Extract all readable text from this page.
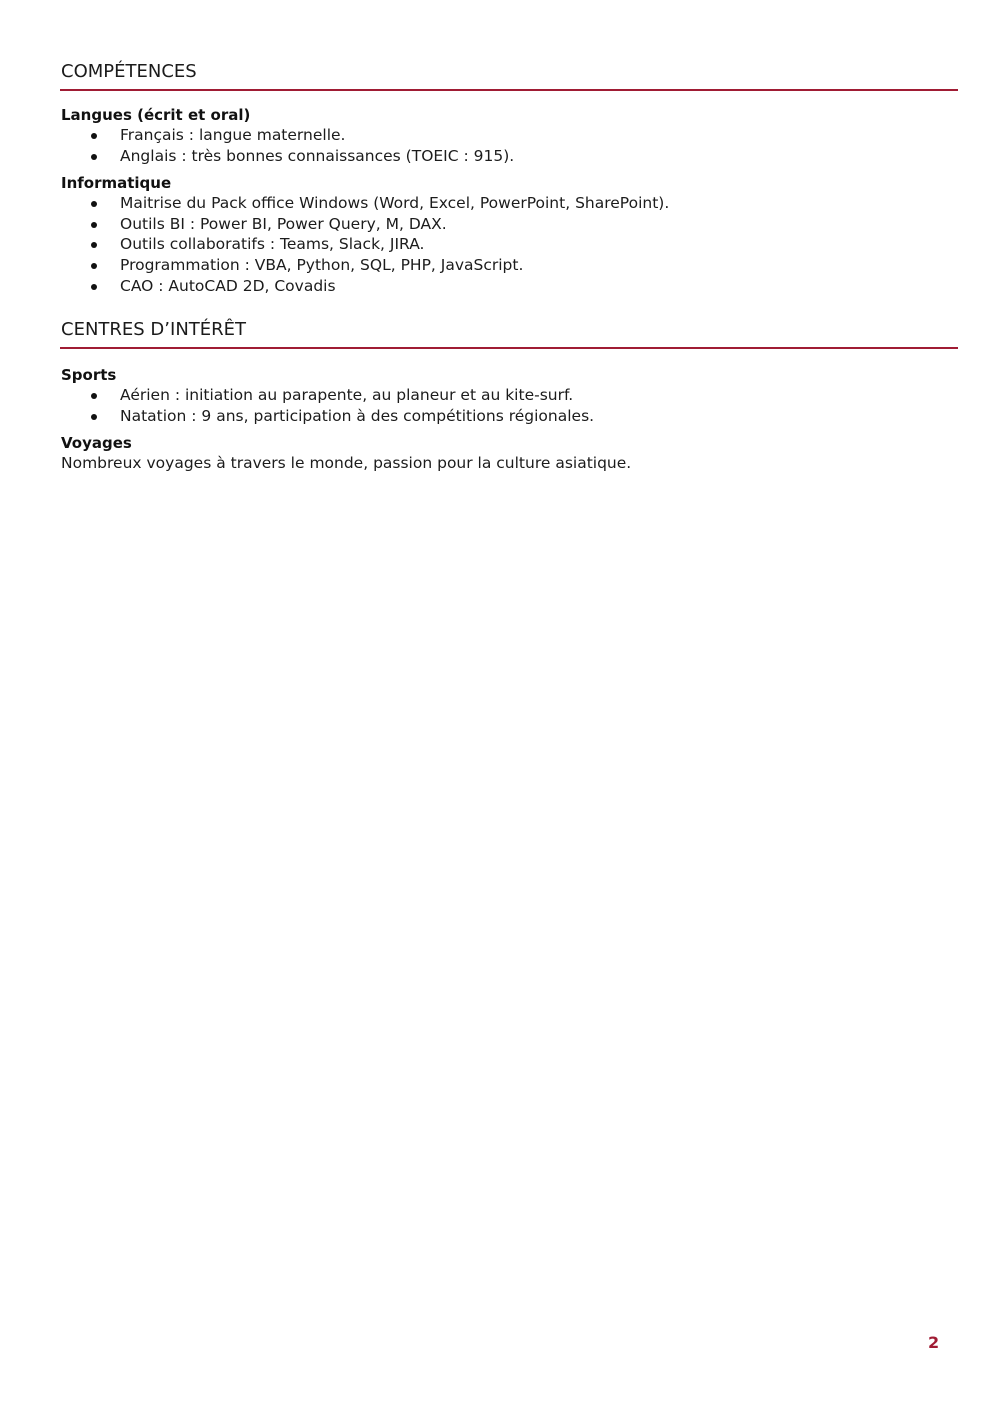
COMPÉTENCES
Langues (écrit et oral)
Français : langue maternelle.
Anglais : très bonnes connaissances (TOEIC : 915).
Informatique
Maitrise du Pack office Windows (Word, Excel, PowerPoint, SharePoint).
Outils BI : Power BI, Power Query, M, DAX.
Outils collaboratifs : Teams, Slack, JIRA.
Programmation : VBA, Python, SQL, PHP, JavaScript.
CAO : AutoCAD 2D, Covadis
CENTRES D’INTÉRÊT
Sports
Aérien : initiation au parapente, au planeur et au kite-surf.
Natation : 9 ans, participation à des compétitions régionales.
Voyages

Nombreux voyages à travers le monde, passion pour la culture asiatique.

2
